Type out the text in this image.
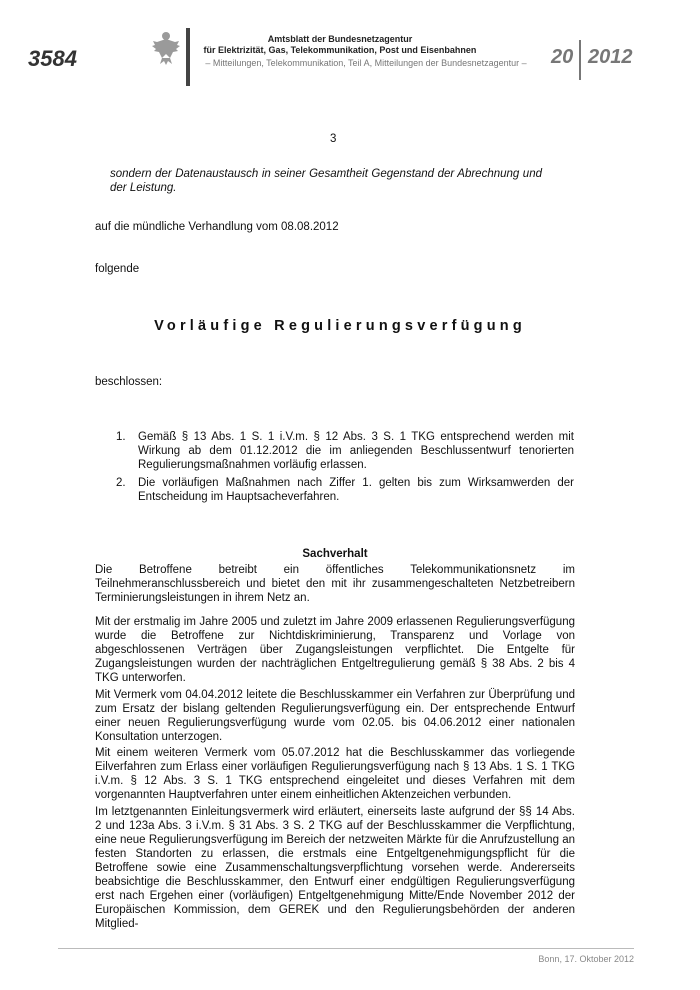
3584
Amtsblatt der Bundesnetzagentur
für Elektrizität, Gas, Telekommunikation, Post und Eisenbahnen
– Mitteilungen, Telekommunikation, Teil A, Mitteilungen der Bundesnetzagentur –	20 2012
3
sondern der Datenaustausch in seiner Gesamtheit Gegenstand der Abrechnung und der Leistung.
auf die mündliche Verhandlung vom 08.08.2012
folgende
Vorläufige Regulierungsverfügung
beschlossen:
1. Gemäß § 13 Abs. 1 S. 1 i.V.m. § 12 Abs. 3 S. 1 TKG entsprechend werden mit Wirkung ab dem 01.12.2012 die im anliegenden Beschlussentwurf tenorierten Regulierungsmaßnahmen vorläufig erlassen.
2. Die vorläufigen Maßnahmen nach Ziffer 1. gelten bis zum Wirksamwerden der Entscheidung im Hauptsacheverfahren.
Sachverhalt
Die Betroffene betreibt ein öffentliches Telekommunikationsnetz im Teilnehmeranschlussbereich und bietet den mit ihr zusammengeschalteten Netzbetreibern Terminierungsleistungen in ihrem Netz an.
Mit der erstmalig im Jahre 2005 und zuletzt im Jahre 2009 erlassenen Regulierungsverfügung wurde die Betroffene zur Nichtdiskriminierung, Transparenz und Vorlage von abgeschlossenen Verträgen über Zugangsleistungen verpflichtet. Die Entgelte für Zugangsleistungen wurden der nachträglichen Entgeltregulierung gemäß § 38 Abs. 2 bis 4 TKG unterworfen.
Mit Vermerk vom 04.04.2012 leitete die Beschlusskammer ein Verfahren zur Überprüfung und zum Ersatz der bislang geltenden Regulierungsverfügung ein. Der entsprechende Entwurf einer neuen Regulierungsverfügung wurde vom 02.05. bis 04.06.2012 einer nationalen Konsultation unterzogen.
Mit einem weiteren Vermerk vom 05.07.2012 hat die Beschlusskammer das vorliegende Eilverfahren zum Erlass einer vorläufigen Regulierungsverfügung nach § 13 Abs. 1 S. 1 TKG i.V.m. § 12 Abs. 3 S. 1 TKG entsprechend eingeleitet und dieses Verfahren mit dem vorgenannten Hauptverfahren unter einem einheitlichen Aktenzeichen verbunden.
Im letztgenannten Einleitungsvermerk wird erläutert, einerseits laste aufgrund der §§ 14 Abs. 2 und 123a Abs. 3 i.V.m. § 31 Abs. 3 S. 2 TKG auf der Beschlusskammer die Verpflichtung, eine neue Regulierungsverfügung im Bereich der netzweiten Märkte für die Anrufzustellung an festen Standorten zu erlassen, die erstmals eine Entgeltgenehmigungspflicht für die Betroffene sowie eine Zusammenschaltungsverpflichtung vorsehen werde. Andererseits beabsichtige die Beschlusskammer, den Entwurf einer endgültigen Regulierungsverfügung erst nach Ergehen einer (vorläufigen) Entgeltgenehmigung Mitte/Ende November 2012 der Europäischen Kommission, dem GEREK und den Regulierungsbehörden der anderen Mitglied-
Bonn, 17. Oktober 2012
